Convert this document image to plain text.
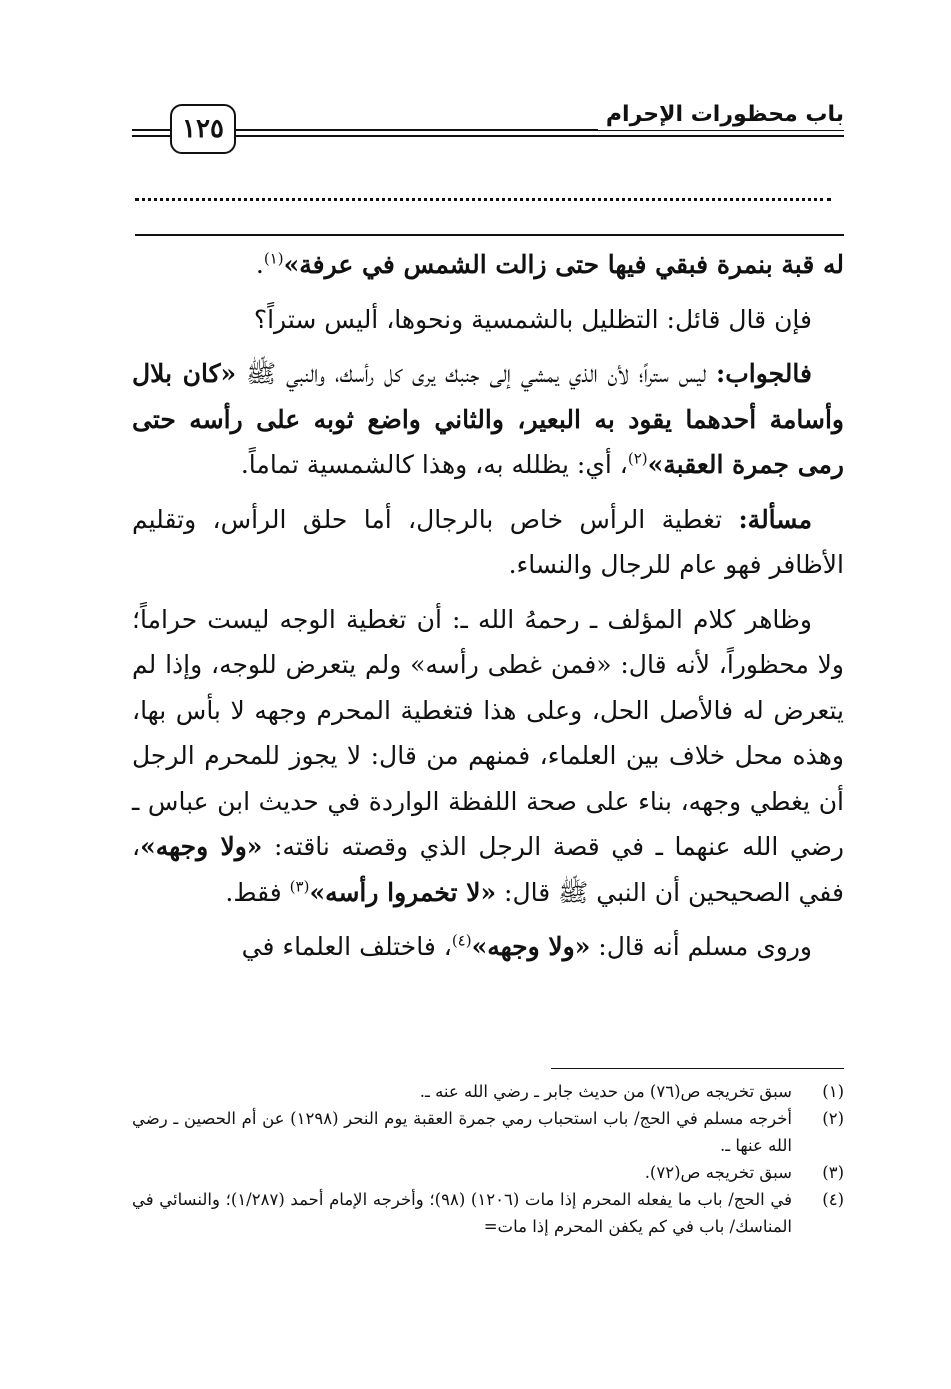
١٢٥	باب محظورات الإحرام

له قبة بنمرة فبقي فيها حتى زالت الشمس في عرفة»$^{(١)}$.

فإن قال قائل: التظليل بالشمسية ونحوها، أليس ستراً؟

فالجواب: ليس ستراً؛ لأن الذي يمشي إلى جنبك يرى كل رأسك، والنبي ﷺ «كان بلال وأسامة أحدهما يقود به البعير، والثاني واضع ثوبه على رأسه حتى رمى جمرة العقبة»$^{(٢)}$، أي: يظلله به، وهذا كالشمسية تماماً.

مسألة: تغطية الرأس خاص بالرجال، أما حلق الرأس، وتقليم الأظافر فهو عام للرجال والنساء.

وظاهر كلام المؤلف ـ رحمهُ الله ـ: أن تغطية الوجه ليست حراماً؛ ولا محظوراً، لأنه قال: «فمن غطى رأسه» ولم يتعرض للوجه، وإذا لم يتعرض له فالأصل الحل، وعلى هذا فتغطية المحرم وجهه لا بأس بها، وهذه محل خلاف بين العلماء، فمنهم من قال: لا يجوز للمحرم الرجل أن يغطي وجهه، بناء على صحة اللفظة الواردة في حديث ابن عباس ـ رضي الله عنهما ـ في قصة الرجل الذي وقصته ناقته: «ولا وجهه»، ففي الصحيحين أن النبي ﷺ قال: «لا تخمروا رأسه»$^{(٣)}$ فقط.

وروى مسلم أنه قال: «ولا وجهه»$^{(٤)}$، فاختلف العلماء في

(١)
سبق تخريجه ص(٧٦) من حديث جابر ـ رضي الله عنه ـ.
(٢)
أخرجه مسلم في الحج/ باب استحباب رمي جمرة العقبة يوم النحر (١٢٩٨) عن أم الحصين ـ رضي الله عنها ـ.
(٣)
سبق تخريجه ص(٧٢).
(٤)
في الحج/ باب ما يفعله المحرم إذا مات (١٢٠٦) (٩٨)؛ وأخرجه الإمام أحمد (١/٢٨٧)؛ والنسائي في المناسك/ باب في كم يكفن المحرم إذا مات=
